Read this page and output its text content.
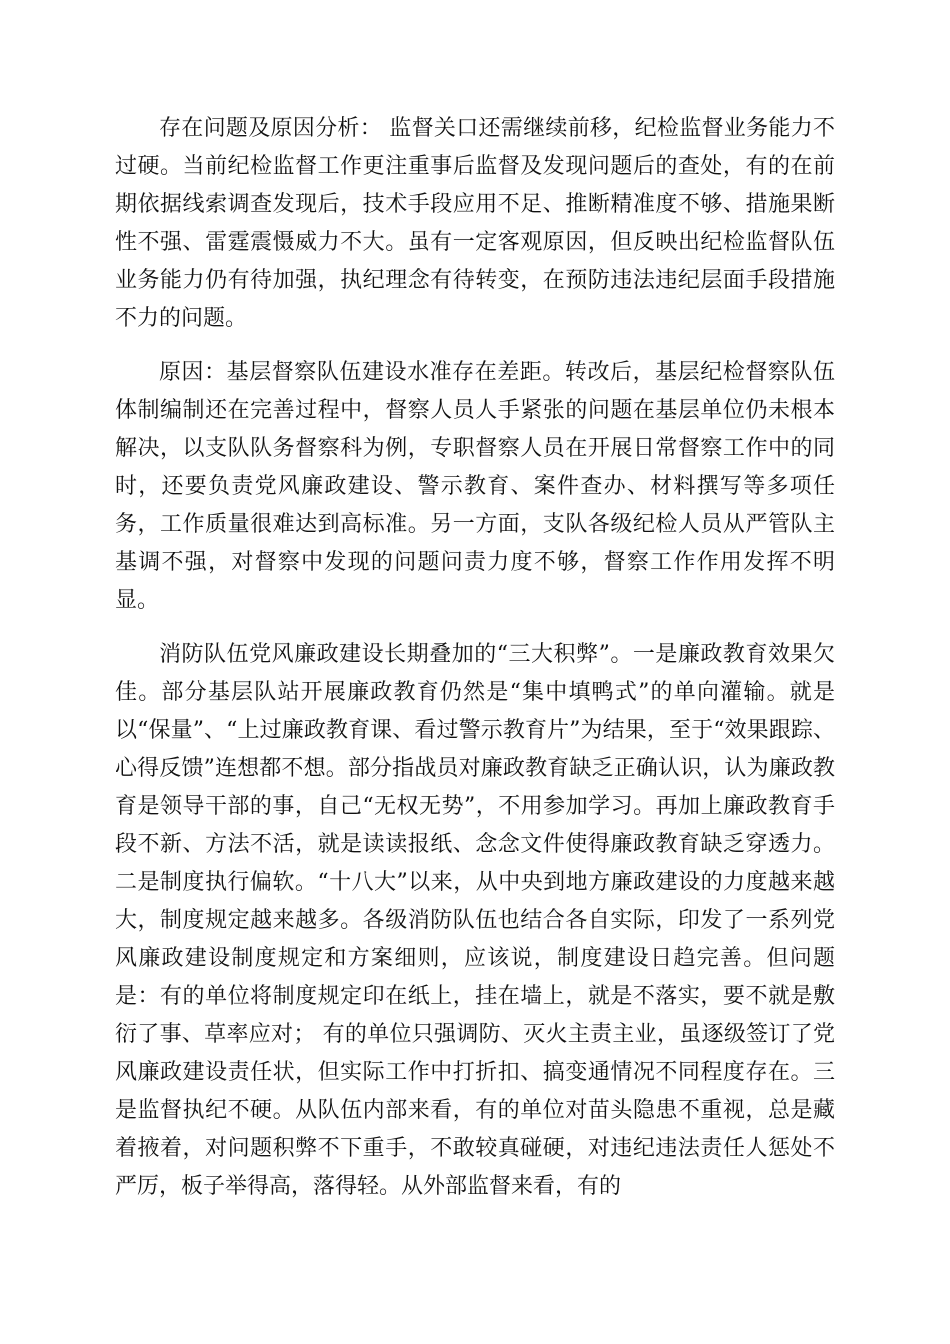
存在问题及原因分析： 监督关口还需继续前移，纪检监督业务能力不过硬。当前纪检监督工作更注重事后监督及发现问题后的查处，有的在前期依据线索调查发现后，技术手段应用不足、推断精准度不够、措施果断性不强、雷霆震慑威力不大。虽有一定客观原因，但反映出纪检监督队伍业务能力仍有待加强，执纪理念有待转变，在预防违法违纪层面手段措施不力的问题。

原因：基层督察队伍建设水准存在差距。转改后，基层纪检督察队伍体制编制还在完善过程中，督察人员人手紧张的问题在基层单位仍未根本解决，以支队队务督察科为例，专职督察人员在开展日常督察工作中的同时，还要负责党风廉政建设、警示教育、案件查办、材料撰写等多项任务，工作质量很难达到高标准。另一方面，支队各级纪检人员从严管队主基调不强，对督察中发现的问题问责力度不够，督察工作作用发挥不明显。

消防队伍党风廉政建设长期叠加的“三大积弊”。一是廉政教育效果欠佳。部分基层队站开展廉政教育仍然是“集中填鸭式”的单向灌输。就是以“保量”、“上过廉政教育课、看过警示教育片”为结果，至于“效果跟踪、心得反馈”连想都不想。部分指战员对廉政教育缺乏正确认识，认为廉政教育是领导干部的事，自己“无权无势”，不用参加学习。再加上廉政教育手段不新、方法不活，就是读读报纸、念念文件使得廉政教育缺乏穿透力。二是制度执行偏软。“十八大”以来，从中央到地方廉政建设的力度越来越大，制度规定越来越多。各级消防队伍也结合各自实际，印发了一系列党风廉政建设制度规定和方案细则，应该说，制度建设日趋完善。但问题是：有的单位将制度规定印在纸上，挂在墙上，就是不落实，要不就是敷衍了事、草率应对； 有的单位只强调防、灭火主责主业，虽逐级签订了党风廉政建设责任状，但实际工作中打折扣、搞变通情况不同程度存在。三是监督执纪不硬。从队伍内部来看，有的单位对苗头隐患不重视，总是藏着掖着，对问题积弊不下重手，不敢较真碰硬，对违纪违法责任人惩处不严厉，板子举得高，落得轻。从外部监督来看，有的
